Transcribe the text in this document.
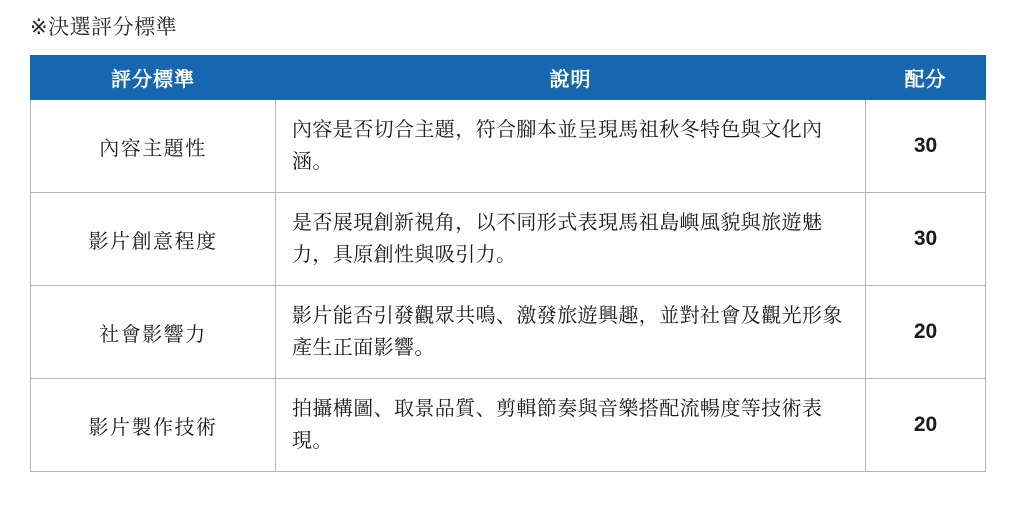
※決選評分標準
評分標準	說明	配分
內容主題性	內容是否切合主題，符合腳本並呈現馬祖秋冬特色與文化內涵。	30
影片創意程度	是否展現創新視角，以不同形式表現馬祖島嶼風貌與旅遊魅力，具原創性與吸引力。	30
社會影響力	影片能否引發觀眾共鳴、激發旅遊興趣，並對社會及觀光形象產生正面影響。	20
影片製作技術	拍攝構圖、取景品質、剪輯節奏與音樂搭配流暢度等技術表現。	20
